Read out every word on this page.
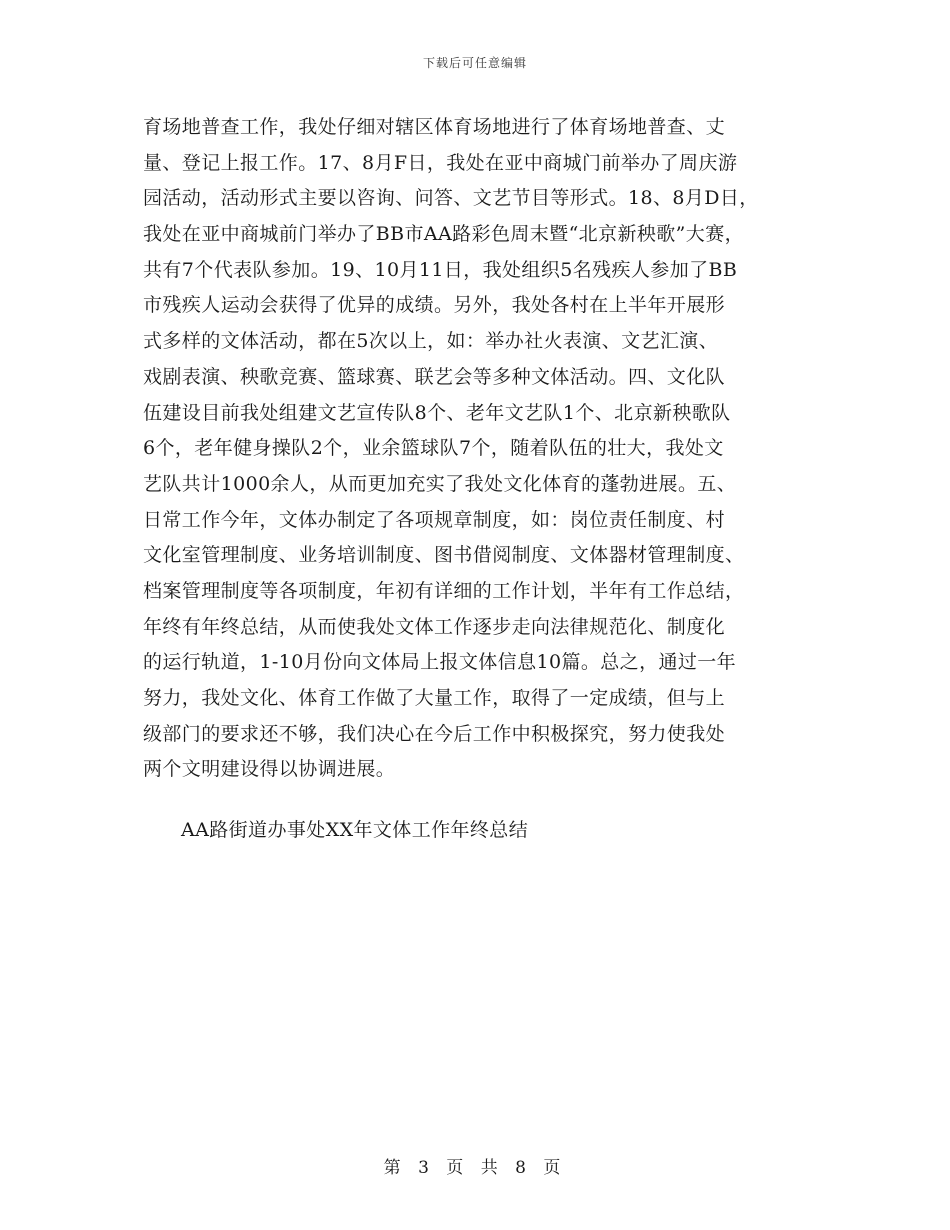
下载后可任意编辑
育场地普查工作，我处仔细对辖区体育场地进行了体育场地普查、丈
量、登记上报工作。17、8月F日，我处在亚中商城门前举办了周庆游
园活动，活动形式主要以咨询、问答、文艺节目等形式。18、8月D日，
我处在亚中商城前门举办了BB市AA路彩色周末暨“北京新秧歌”大赛，
共有7个代表队参加。19、10月11日，我处组织5名残疾人参加了BB
市残疾人运动会获得了优异的成绩。另外，我处各村在上半年开展形
式多样的文体活动，都在5次以上，如：举办社火表演、文艺汇演、
戏剧表演、秧歌竞赛、篮球赛、联艺会等多种文体活动。四、文化队
伍建设目前我处组建文艺宣传队8个、老年文艺队1个、北京新秧歌队
6个，老年健身操队2个，业余篮球队7个，随着队伍的壮大，我处文
艺队共计1000余人，从而更加充实了我处文化体育的蓬勃进展。五、
日常工作今年，文体办制定了各项规章制度，如：岗位责任制度、村
文化室管理制度、业务培训制度、图书借阅制度、文体器材管理制度、
档案管理制度等各项制度，年初有详细的工作计划，半年有工作总结，
年终有年终总结，从而使我处文体工作逐步走向法律规范化、制度化
的运行轨道，1-10月份向文体局上报文体信息10篇。总之，通过一年
努力，我处文化、体育工作做了大量工作，取得了一定成绩，但与上
级部门的要求还不够，我们决心在今后工作中积极探究，努力使我处
两个文明建设得以协调进展。
AA路街道办事处XX年文体工作年终总结
第 3 页 共 8 页
